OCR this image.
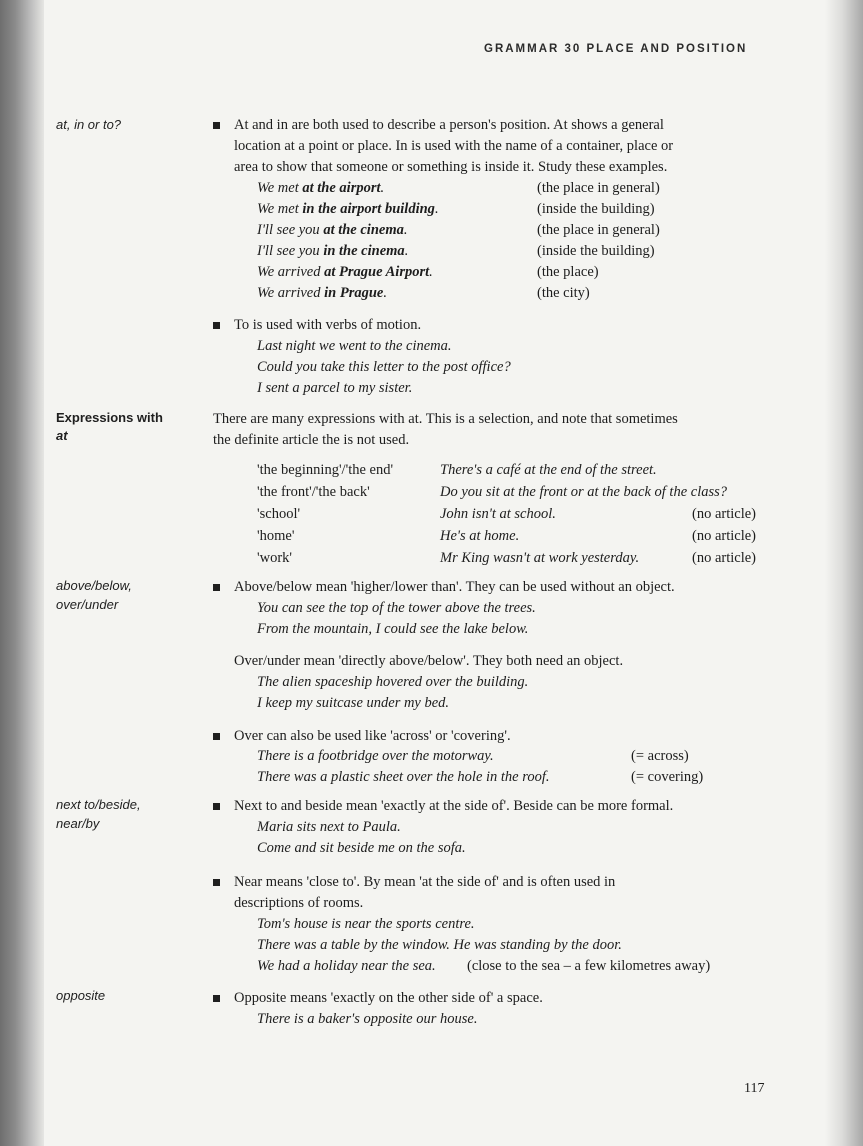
GRAMMAR 30 PLACE AND POSITION
at, in or to?
Expressions with
at
above/below,
over/under
next to/beside,
near/by
opposite
At and in are both used to describe a person's position. At shows a general
location at a point or place. In is used with the name of a container, place or
area to show that someone or something is inside it. Study these examples.
We met at the airport.	(the place in general)
We met in the airport building.	(inside the building)
I'll see you at the cinema.	(the place in general)
I'll see you in the cinema.	(inside the building)
We arrived at Prague Airport.	(the place)
We arrived in Prague.	(the city)
To is used with verbs of motion.
Last night we went to the cinema.
Could you take this letter to the post office?
I sent a parcel to my sister.
There are many expressions with at. This is a selection, and note that sometimes
the definite article the is not used.
'the beginning'/'the end'	There's a café at the end of the street.
'the front'/'the back'	Do you sit at the front or at the back of the class?
'school'	John isn't at school.	(no article)
'home'	He's at home.	(no article)
'work'	Mr King wasn't at work yesterday.	(no article)
Above/below mean 'higher/lower than'. They can be used without an object.
You can see the top of the tower above the trees.
From the mountain, I could see the lake below.
Over/under mean 'directly above/below'. They both need an object.
The alien spaceship hovered over the building.
I keep my suitcase under my bed.
Over can also be used like 'across' or 'covering'.
There is a footbridge over the motorway.	(= across)
There was a plastic sheet over the hole in the roof.	(= covering)
Next to and beside mean 'exactly at the side of'. Beside can be more formal.
Maria sits next to Paula.
Come and sit beside me on the sofa.
Near means 'close to'. By mean 'at the side of' and is often used in
descriptions of rooms.
Tom's house is near the sports centre.
There was a table by the window. He was standing by the door.
We had a holiday near the sea. (close to the sea – a few kilometres away)
Opposite means 'exactly on the other side of' a space.
There is a baker's opposite our house.
117
